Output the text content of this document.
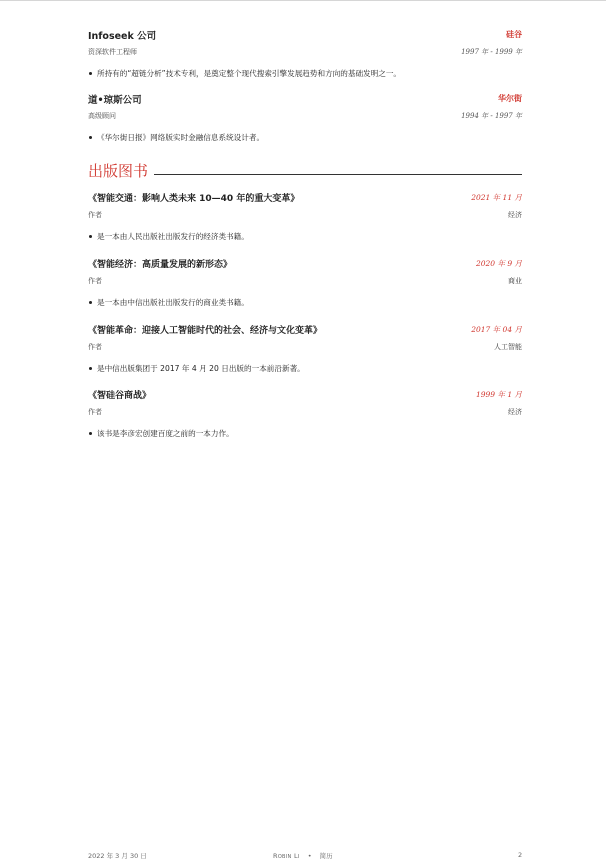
Infoseek 公司	硅谷
资深软件工程师	1997 年 - 1999 年
所持有的“超链分析”技术专利，是奠定整个现代搜索引擎发展趋势和方向的基础发明之一。
道•琼斯公司	华尔街
高级顾问	1994 年 - 1997 年
《华尔街日报》网络版实时金融信息系统设计者。
出版图书
《智能交通：影响人类未来 10—40 年的重大变革》	2021 年 11 月
作者	经济
是一本由人民出版社出版发行的经济类书籍。
《智能经济：高质量发展的新形态》	2020 年 9 月
作者	商业
是一本由中信出版社出版发行的商业类书籍。
《智能革命：迎接人工智能时代的社会、经济与文化变革》	2017 年 04 月
作者	人工智能
是中信出版集团于 2017 年 4 月 20 日出版的一本前沿新著。
《智硅谷商战》	1999 年 1 月
作者	经济
该书是李彦宏创建百度之前的一本力作。
2022 年 3 月 30 日	Robin Li • 简历	2
